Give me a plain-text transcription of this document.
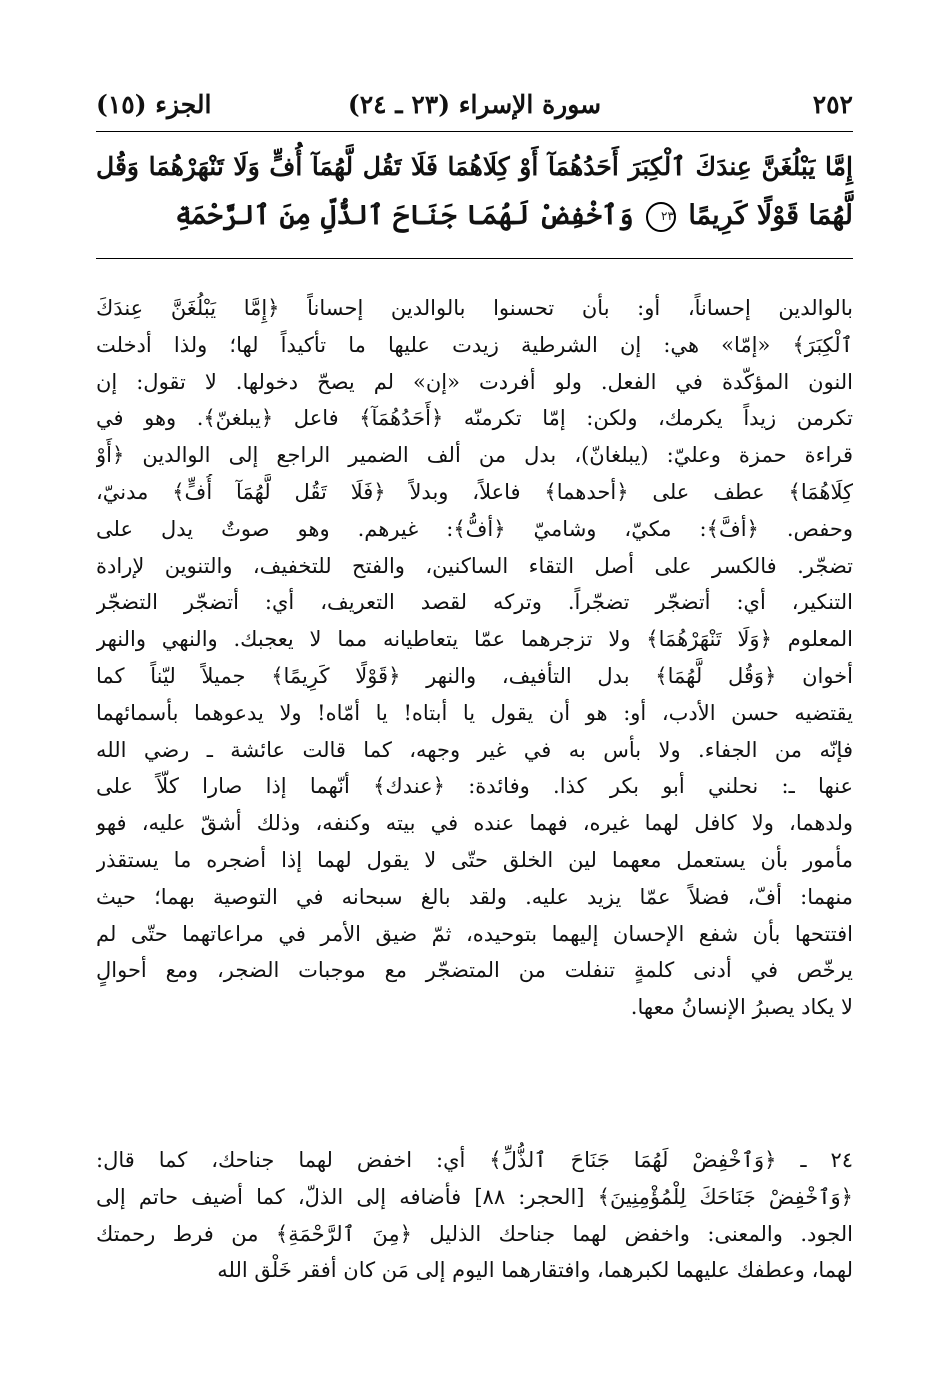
٢٥٢
سورة الإسراء (٢٣ ـ ٢٤)
الجزء (١٥)
إِمَّا يَبْلُغَنَّ عِندَكَ ٱلْكِبَرَ أَحَدُهُمَآ أَوْ كِلَاهُمَا فَلَا تَقُل لَّهُمَآ أُفٍّ وَلَا تَنْهَرْهُمَا وَقُل
لَّهُمَا قَوْلًا كَرِيمًا ٢٣ وَٱخْفِضْ لَهُمَا جَنَاحَ ٱلذُّلِّ مِنَ ٱلرَّحْمَةِ
بالوالدين إحساناً، أو: بأن تحسنوا بالوالدين إحساناً ﴿إِمَّا يَبْلُغَنَّ عِندَكَ
ٱلْكِبَرَ﴾ «إمّا» هي: إن الشرطية زيدت عليها ما تأكيداً لها؛ ولذا أدخلت
النون المؤكّدة في الفعل. ولو أفردت «إن» لم يصحّ دخولها. لا تقول: إن
تكرمن زيداً يكرمك، ولكن: إمّا تكرمنّه ﴿أَحَدُهُمَآ﴾ فاعل ﴿يبلغنّ﴾. وهو في
قراءة حمزة وعليّ: (يبلغانّ)، بدل من ألف الضمير الراجع إلى الوالدين ﴿أَوْ
كِلَاهُمَا﴾ عطف على ﴿أحدهما﴾ فاعلاً، وبدلاً ﴿فَلَا تَقُل لَّهُمَآ أُفٍّ﴾ مدنيّ،
وحفص. ﴿أفَّ﴾: مكيّ، وشاميّ ﴿أفُّ﴾: غيرهم. وهو صوتٌ يدل على
تضجّر. فالكسر على أصل التقاء الساكنين، والفتح للتخفيف، والتنوين لإرادة
التنكير، أي: أتضجّر تضجّراً. وتركه لقصد التعريف، أي: أتضجّر التضجّر
المعلوم ﴿وَلَا تَنْهَرْهُمَا﴾ ولا تزجرهما عمّا يتعاطيانه مما لا يعجبك. والنهي والنهر
أخوان ﴿وَقُل لَّهُمَا﴾ بدل التأفيف، والنهر ﴿قَوْلًا كَرِيمًا﴾ جميلاً ليّناً كما
يقتضيه حسن الأدب، أو: هو أن يقول يا أبتاه! يا أمّاه! ولا يدعوهما بأسمائهما
فإنّه من الجفاء. ولا بأس به في غير وجهه، كما قالت عائشة ـ رضي الله
عنها ـ: نحلني أبو بكر كذا. وفائدة: ﴿عندك﴾ أنّهما إذا صارا كلّاً على
ولدهما، ولا كافل لهما غيره، فهما عنده في بيته وكنفه، وذلك أشقّ عليه، فهو
مأمور بأن يستعمل معهما لين الخلق حتّى لا يقول لهما إذا أضجره ما يستقذر
منهما: أفّ، فضلاً عمّا يزيد عليه. ولقد بالغ سبحانه في التوصية بهما؛ حيث
افتتحها بأن شفع الإحسان إليهما بتوحيده، ثمّ ضيق الأمر في مراعاتهما حتّى لم
يرخّص في أدنى كلمةٍ تنفلت من المتضجّر مع موجبات الضجر، ومع أحوالٍ
لا يكاد يصبرُ الإنسانُ معها.
٢٤ ـ ﴿وَٱخْفِضْ لَهُمَا جَنَاحَ ٱلذُّلِّ﴾ أي: اخفض لهما جناحك، كما قال:
﴿وَٱخْفِضْ جَنَاحَكَ لِلْمُؤْمِنِينَ﴾ [الحجر: ٨٨] فأضافه إلى الذلّ، كما أضيف حاتم إلى
الجود. والمعنى: واخفض لهما جناحك الذليل ﴿مِنَ ٱلرَّحْمَةِ﴾ من فرط رحمتك
لهما، وعطفك عليهما لكبرهما، وافتقارهما اليوم إلى مَن كان أفقر خَلْق الله
